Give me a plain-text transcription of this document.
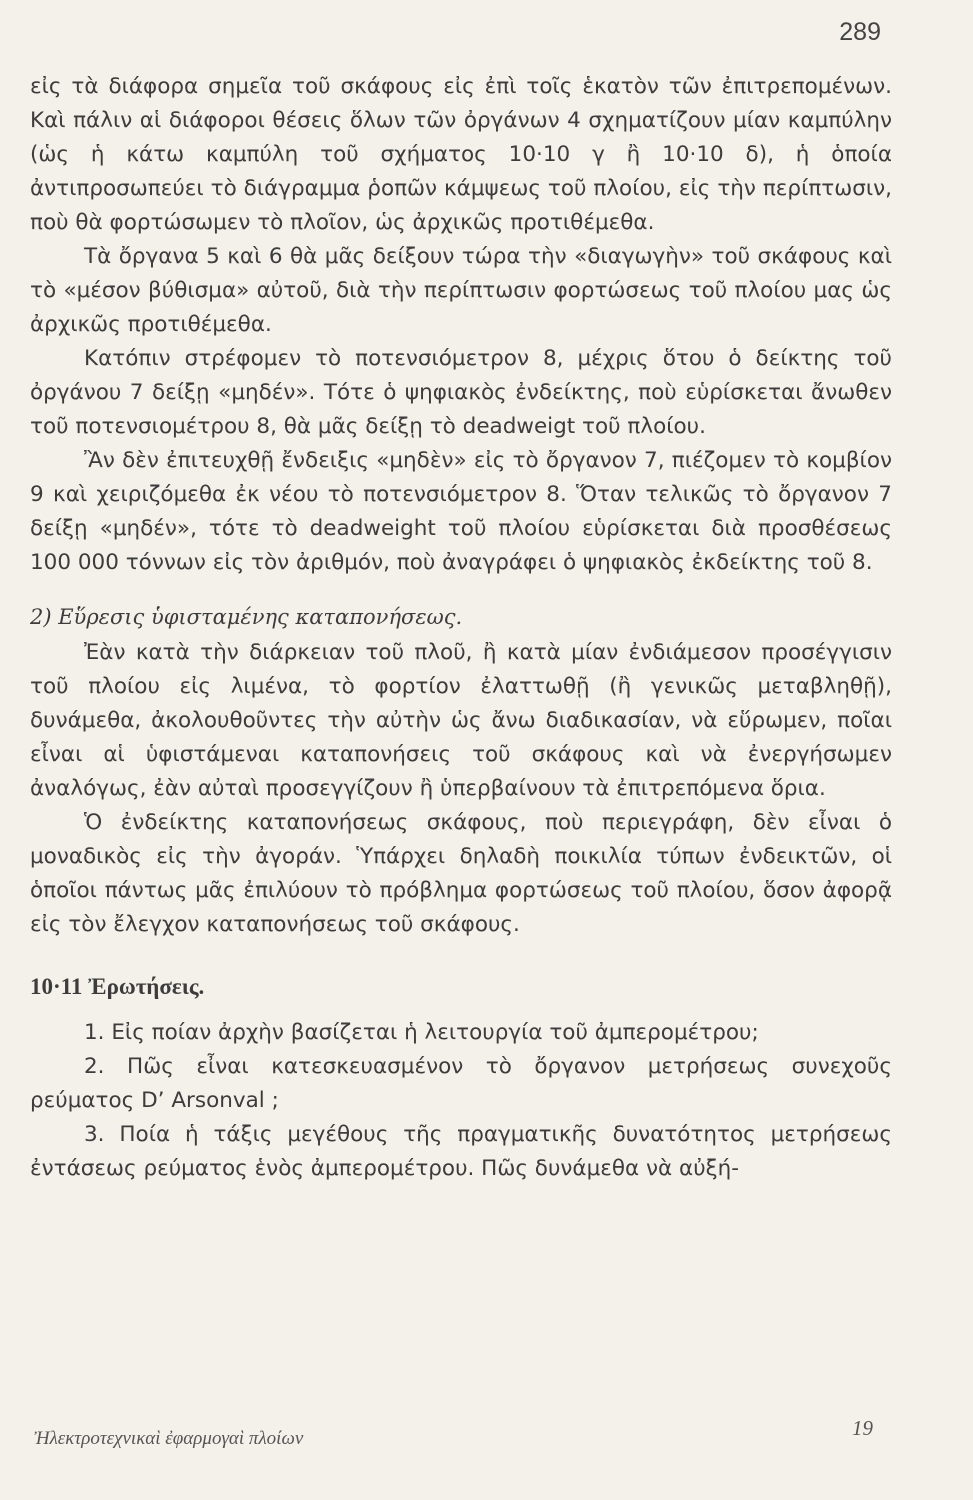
289

εἰς τὰ διάφορα σημεῖα τοῦ σκάφους εἰς ἐπὶ τοῖς ἑκατὸν τῶν ἐπιτρεπομένων. Καὶ πάλιν αἱ διάφοροι θέσεις ὅλων τῶν ὀργάνων 4 σχηματίζουν μίαν καμπύλην (ὡς ἡ κάτω καμπύλη τοῦ σχήματος 10·10 γ ἢ 10·10 δ), ἡ ὁποία ἀντιπροσωπεύει τὸ διάγραμμα ῥοπῶν κάμψεως τοῦ πλοίου, εἰς τὴν περίπτωσιν, ποὺ θὰ φορτώσωμεν τὸ πλοῖον, ὡς ἀρχικῶς προτιθέμεθα.

Τὰ ὄργανα 5 καὶ 6 θὰ μᾶς δείξουν τώρα τὴν «διαγωγὴν» τοῦ σκάφους καὶ τὸ «μέσον βύθισμα» αὐτοῦ, διὰ τὴν περίπτωσιν φορτώσεως τοῦ πλοίου μας ὡς ἀρχικῶς προτιθέμεθα.

Κατόπιν στρέφομεν τὸ ποτενσιόμετρον 8, μέχρις ὅτου ὁ δείκτης τοῦ ὀργάνου 7 δείξῃ «μηδέν». Τότε ὁ ψηφιακὸς ἐνδείκτης, ποὺ εὑρίσκεται ἄνωθεν τοῦ ποτενσιομέτρου 8, θὰ μᾶς δείξῃ τὸ deadweigt τοῦ πλοίου.

Ἂν δὲν ἐπιτευχθῇ ἔνδειξις «μηδὲν» εἰς τὸ ὄργανον 7, πιέζομεν τὸ κομβίον 9 καὶ χειριζόμεθα ἐκ νέου τὸ ποτενσιόμετρον 8. Ὅταν τελικῶς τὸ ὄργανον 7 δείξῃ «μηδέν», τότε τὸ deadweight τοῦ πλοίου εὑρίσκεται διὰ προσθέσεως 100 000 τόννων εἰς τὸν ἀριθμόν, ποὺ ἀναγράφει ὁ ψηφιακὸς ἐκδείκτης τοῦ 8.

2) Εὕρεσις ὑφισταμένης καταπονήσεως.

Ἐὰν κατὰ τὴν διάρκειαν τοῦ πλοῦ, ἢ κατὰ μίαν ἐνδιάμεσον προσέγγισιν τοῦ πλοίου εἰς λιμένα, τὸ φορτίον ἐλαττωθῇ (ἢ γενικῶς μεταβληθῇ), δυνάμεθα, ἀκολουθοῦντες τὴν αὐτὴν ὡς ἄνω διαδικασίαν, νὰ εὕρωμεν, ποῖαι εἶναι αἱ ὑφιστάμεναι καταπονήσεις τοῦ σκάφους καὶ νὰ ἐνεργήσωμεν ἀναλόγως, ἐὰν αὐταὶ προσεγγίζουν ἢ ὑπερβαίνουν τὰ ἐπιτρεπόμενα ὅρια.

Ὁ ἐνδείκτης καταπονήσεως σκάφους, ποὺ περιεγράφη, δὲν εἶναι ὁ μοναδικὸς εἰς τὴν ἀγοράν. Ὑπάρχει δηλαδὴ ποικιλία τύπων ἐνδεικτῶν, οἱ ὁποῖοι πάντως μᾶς ἐπιλύουν τὸ πρόβλημα φορτώσεως τοῦ πλοίου, ὅσον ἀφορᾷ εἰς τὸν ἔλεγχον καταπονήσεως τοῦ σκάφους.

10·11 Ἐρωτήσεις.

1. Εἰς ποίαν ἀρχὴν βασίζεται ἡ λειτουργία τοῦ ἀμπερομέτρου;

2. Πῶς εἶναι κατεσκευασμένον τὸ ὄργανον μετρήσεως συνεχοῦς ρεύματος D’ Arsonval ;

3. Ποία ἡ τάξις μεγέθους τῆς πραγματικῆς δυνατότητος μετρήσεως ἐντάσεως ρεύματος ἑνὸς ἀμπερομέτρου. Πῶς δυνάμεθα νὰ αὐξή-

Ἠλεκτροτεχνικαὶ ἐφαρμογαὶ πλοίων	19
